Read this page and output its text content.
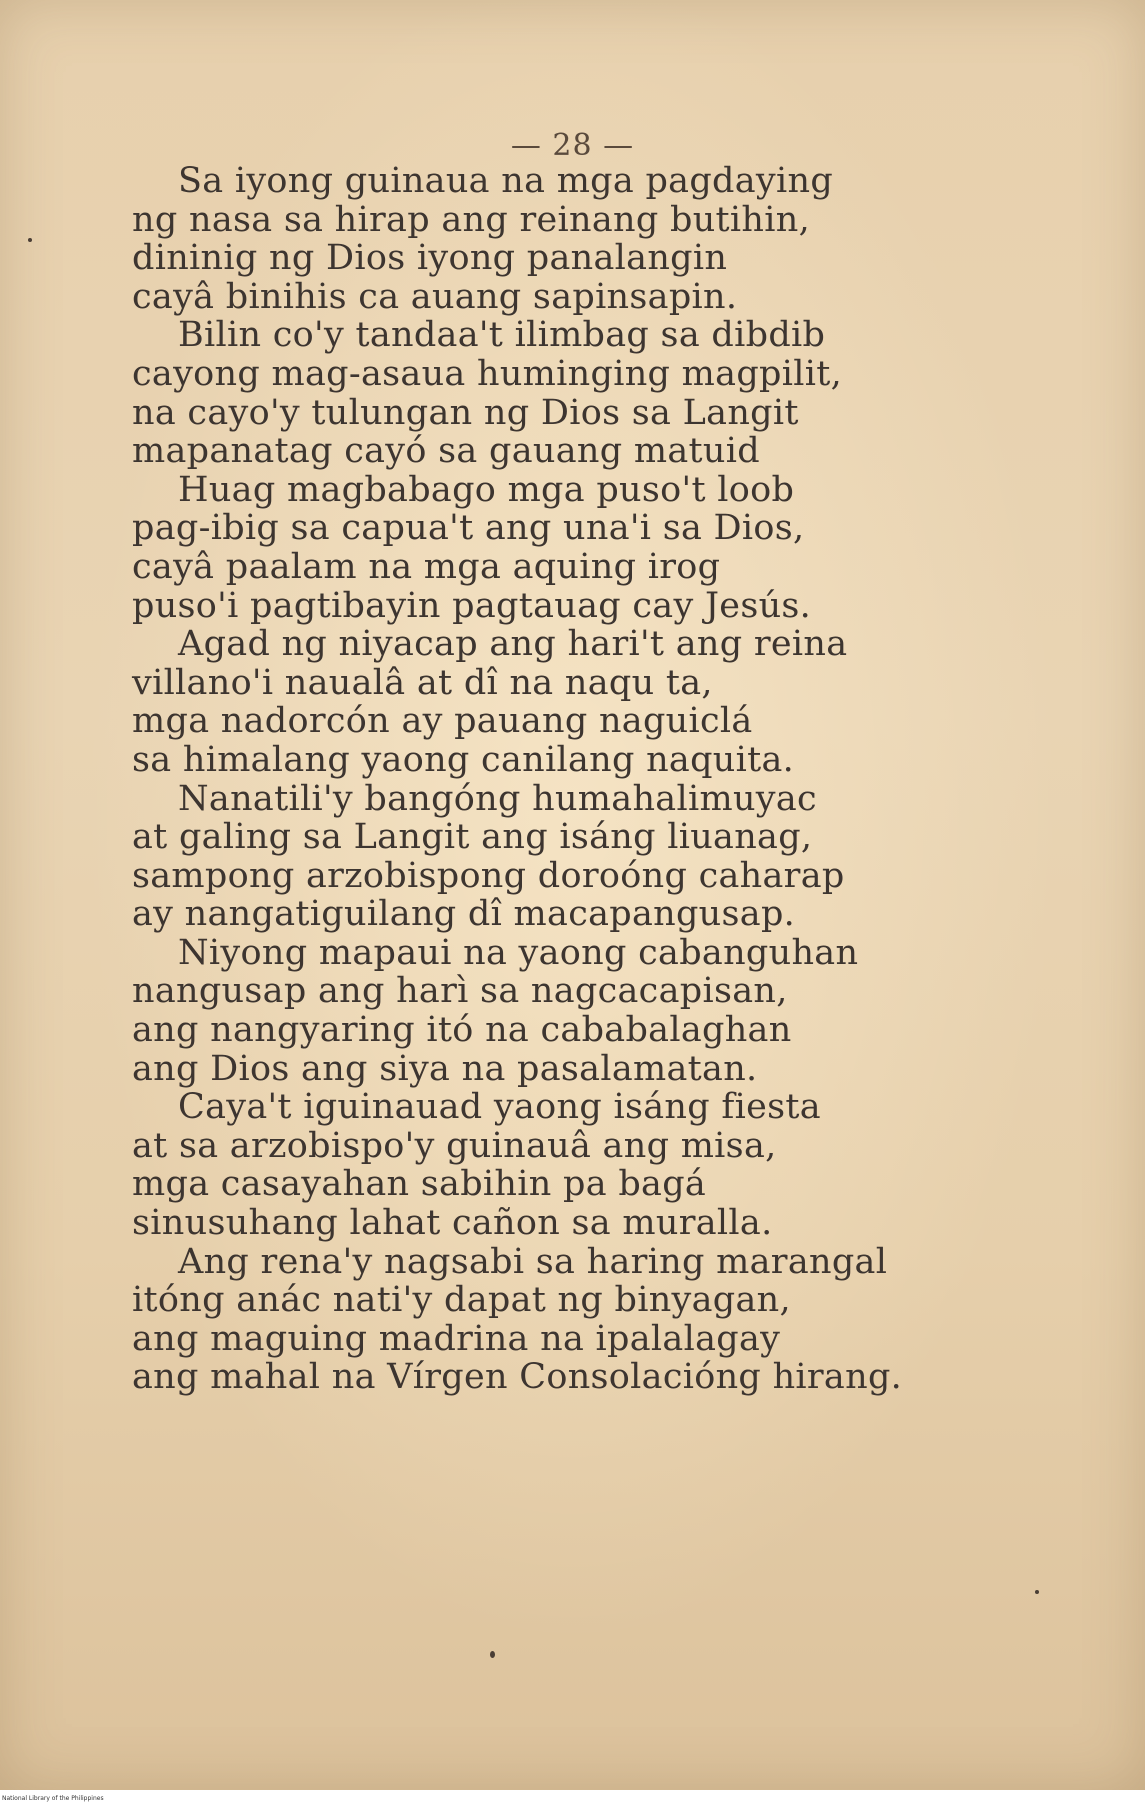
— 28 —
Sa iyong guinaua na mga pagdaying
ng nasa sa hirap ang reinang butihin,
dininig ng Dios iyong panalangin
cayâ binihis ca auang sapinsapin.
Bilin co'y tandaa't ilimbag sa dibdib
cayong mag-asaua huminging magpilit,
na cayo'y tulungan ng Dios sa Langit
mapanatag cayó sa gauang matuid
Huag magbabago mga puso't loob
pag-ibig sa capua't ang una'i sa Dios,
cayâ paalam na mga aquing irog
puso'i pagtibayin pagtauag cay Jesús.
Agad ng niyacap ang hari't ang reina
villano'i naualâ at dî na naqu ta,
mga nadorcón ay pauang naguiclá
sa himalang yaong canilang naquita.
Nanatili'y bangóng humahalimuyac
at galing sa Langit ang isáng liuanag,
sampong arzobispong doroóng caharap
ay nangatiguilang dî macapangusap.
Niyong mapaui na yaong cabanguhan
nangusap ang harì sa nagcacapisan,
ang nangyaring itó na cababalaghan
ang Dios ang siya na pasalamatan.
Caya't iguinauad yaong isáng fiesta
at sa arzobispo'y guinauâ ang misa,
mga casayahan sabihin pa bagá
sinusuhang lahat cañon sa muralla.
Ang rena'y nagsabi sa haring marangal
itóng anác nati'y dapat ng binyagan,
ang maguing madrina na ipalalagay
ang mahal na Vírgen Consolacióng hirang.
National Library of the Philippines
